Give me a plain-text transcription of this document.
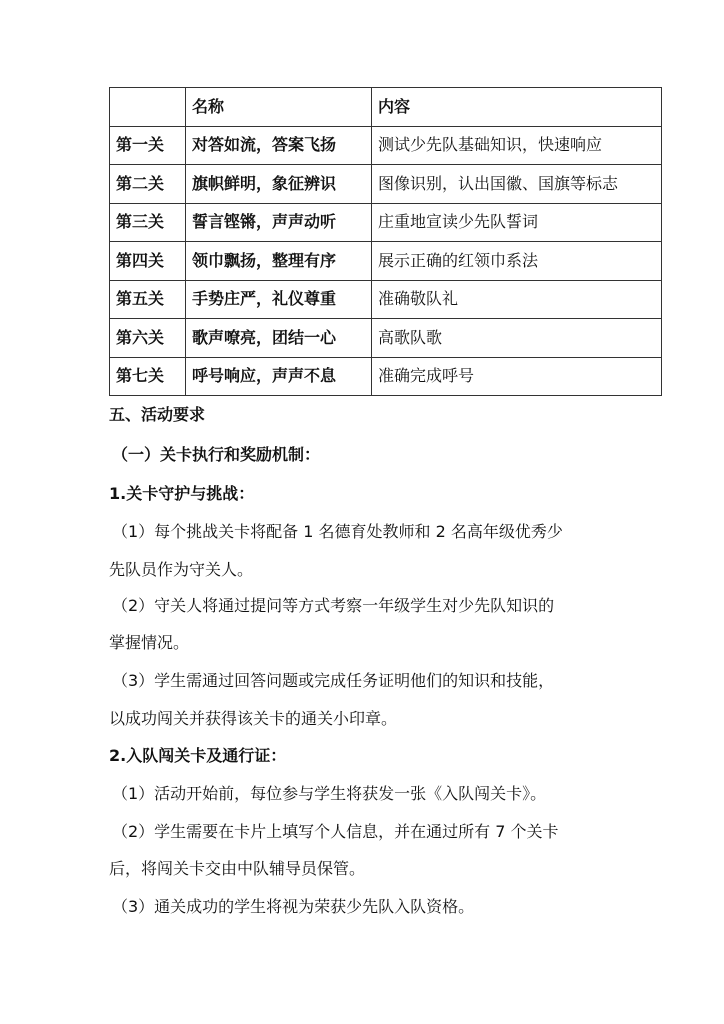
	名称	内容
第一关	对答如流，答案飞扬	测试少先队基础知识，快速响应
第二关	旗帜鲜明，象征辨识	图像识别，认出国徽、国旗等标志
第三关	誓言铿锵，声声动听	庄重地宣读少先队誓词
第四关	领巾飘扬，整理有序	展示正确的红领巾系法
第五关	手势庄严，礼仪尊重	准确敬队礼
第六关	歌声嘹亮，团结一心	高歌队歌
第七关	呼号响应，声声不息	准确完成呼号
五、活动要求
（一）关卡执行和奖励机制：
1.关卡守护与挑战：
（1）每个挑战关卡将配备 1 名德育处教师和 2 名高年级优秀少
先队员作为守关人。
（2）守关人将通过提问等方式考察一年级学生对少先队知识的
掌握情况。
（3）学生需通过回答问题或完成任务证明他们的知识和技能，
以成功闯关并获得该关卡的通关小印章。
2.入队闯关卡及通行证：
（1）活动开始前，每位参与学生将获发一张《入队闯关卡》。
（2）学生需要在卡片上填写个人信息，并在通过所有 7 个关卡
后，将闯关卡交由中队辅导员保管。
（3）通关成功的学生将视为荣获少先队入队资格。
